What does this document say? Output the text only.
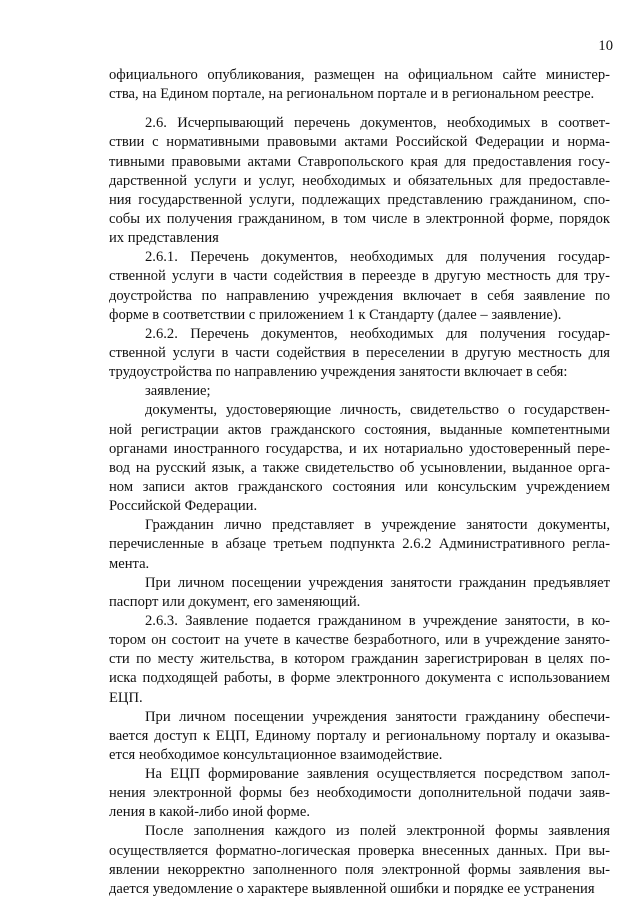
10
официального опубликования, размещен на официальном сайте министер-
ства, на Едином портале, на региональном портале и в региональном реестре.
2.6. Исчерпывающий перечень документов, необходимых в соответ-
ствии с нормативными правовыми актами Российской Федерации и норма-
тивными правовыми актами Ставропольского края для предоставления госу-
дарственной услуги и услуг, необходимых и обязательных для предоставле-
ния государственной услуги, подлежащих представлению гражданином, спо-
собы их получения гражданином, в том числе в электронной форме, порядок
их представления
2.6.1. Перечень документов, необходимых для получения государ-
ственной услуги в части содействия в переезде в другую местность для тру-
доустройства по направлению учреждения включает в себя заявление по
форме в соответствии с приложением 1 к Стандарту (далее – заявление).
2.6.2. Перечень документов, необходимых для получения государ-
ственной услуги в части содействия в переселении в другую местность для
трудоустройства по направлению учреждения занятости включает в себя:
заявление;
документы, удостоверяющие личность, свидетельство о государствен-
ной регистрации актов гражданского состояния, выданные компетентными
органами иностранного государства, и их нотариально удостоверенный пере-
вод на русский язык, а также свидетельство об усыновлении, выданное орга-
ном записи актов гражданского состояния или консульским учреждением
Российской Федерации.
Гражданин лично представляет в учреждение занятости документы,
перечисленные в абзаце третьем подпункта 2.6.2 Административного регла-
мента.
При личном посещении учреждения занятости гражданин предъявляет
паспорт или документ, его заменяющий.
2.6.3. Заявление подается гражданином в учреждение занятости, в ко-
тором он состоит на учете в качестве безработного, или в учреждение занято-
сти по месту жительства, в котором гражданин зарегистрирован в целях по-
иска подходящей работы, в форме электронного документа с использованием
ЕЦП.
При личном посещении учреждения занятости гражданину обеспечи-
вается доступ к ЕЦП, Единому порталу и региональному порталу и оказыва-
ется необходимое консультационное взаимодействие.
На ЕЦП формирование заявления осуществляется посредством запол-
нения электронной формы без необходимости дополнительной подачи заяв-
ления в какой-либо иной форме.
После заполнения каждого из полей электронной формы заявления
осуществляется форматно-логическая проверка внесенных данных. При вы-
явлении некорректно заполненного поля электронной формы заявления вы-
дается уведомление о характере выявленной ошибки и порядке ее устранения
